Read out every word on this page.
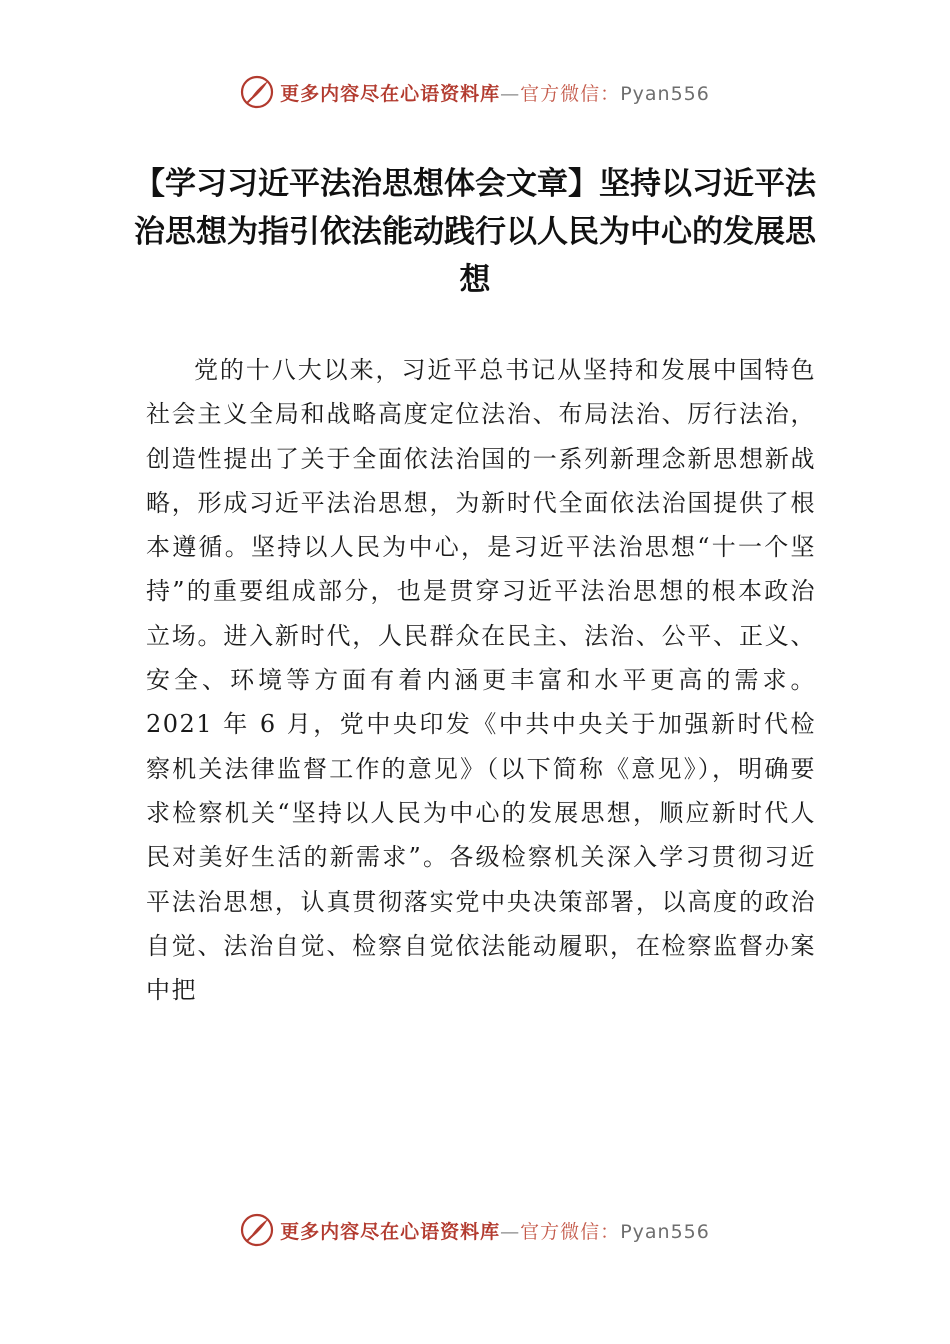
更多内容尽在心语资料库—官方微信：Pyan556
【学习习近平法治思想体会文章】坚持以习近平法治思想为指引依法能动践行以人民为中心的发展思想
党的十八大以来，习近平总书记从坚持和发展中国特色社会主义全局和战略高度定位法治、布局法治、厉行法治，创造性提出了关于全面依法治国的一系列新理念新思想新战略，形成习近平法治思想，为新时代全面依法治国提供了根本遵循。坚持以人民为中心，是习近平法治思想“十一个坚持”的重要组成部分，也是贯穿习近平法治思想的根本政治立场。进入新时代，人民群众在民主、法治、公平、正义、安全、环境等方面有着内涵更丰富和水平更高的需求。2021 年 6 月，党中央印发《中共中央关于加强新时代检察机关法律监督工作的意见》（以下简称《意见》），明确要求检察机关“坚持以人民为中心的发展思想，顺应新时代人民对美好生活的新需求”。各级检察机关深入学习贯彻习近平法治思想，认真贯彻落实党中央决策部署，以高度的政治自觉、法治自觉、检察自觉依法能动履职，在检察监督办案中把
更多内容尽在心语资料库—官方微信：Pyan556
